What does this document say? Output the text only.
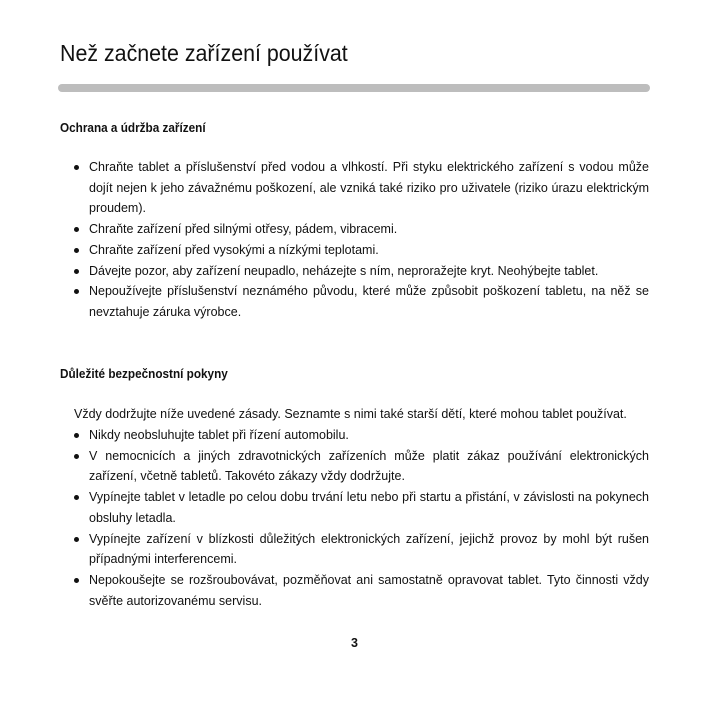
Než začnete zařízení používat
Ochrana a údržba zařízení
Chraňte tablet a příslušenství před vodou a vlhkostí. Při styku elektrického zařízení s vodou může dojít nejen k jeho závažnému poškození, ale vzniká také riziko pro uživatele (riziko úrazu elektrickým proudem).
Chraňte zařízení před silnými otřesy, pádem, vibracemi.
Chraňte zařízení před vysokými a nízkými teplotami.
Dávejte pozor, aby zařízení neupadlo, neházejte s ním, neproražejte kryt. Neohýbejte tablet.
Nepoužívejte příslušenství neznámého původu, které může způsobit poškození tabletu, na něž se nevztahuje záruka výrobce.
Důležité bezpečnostní pokyny

Vždy dodržujte níže uvedené zásady. Seznamte s nimi také starší dětí, které mohou tablet používat.

Nikdy neobsluhujte tablet při řízení automobilu.
V nemocnicích a jiných zdravotnických zařízeních může platit zákaz používání elektronických zařízení, včetně tabletů. Takovéto zákazy vždy dodržujte.
Vypínejte tablet v letadle po celou dobu trvání letu nebo při startu a přistání, v závislosti na pokynech obsluhy letadla.
Vypínejte zařízení v blízkosti důležitých elektronických zařízení, jejichž provoz by mohl být rušen případnými interferencemi.
Nepokoušejte se rozšroubovávat, pozměňovat ani samostatně opravovat tablet. Tyto činnosti vždy svěřte autorizovanému servisu.
3
